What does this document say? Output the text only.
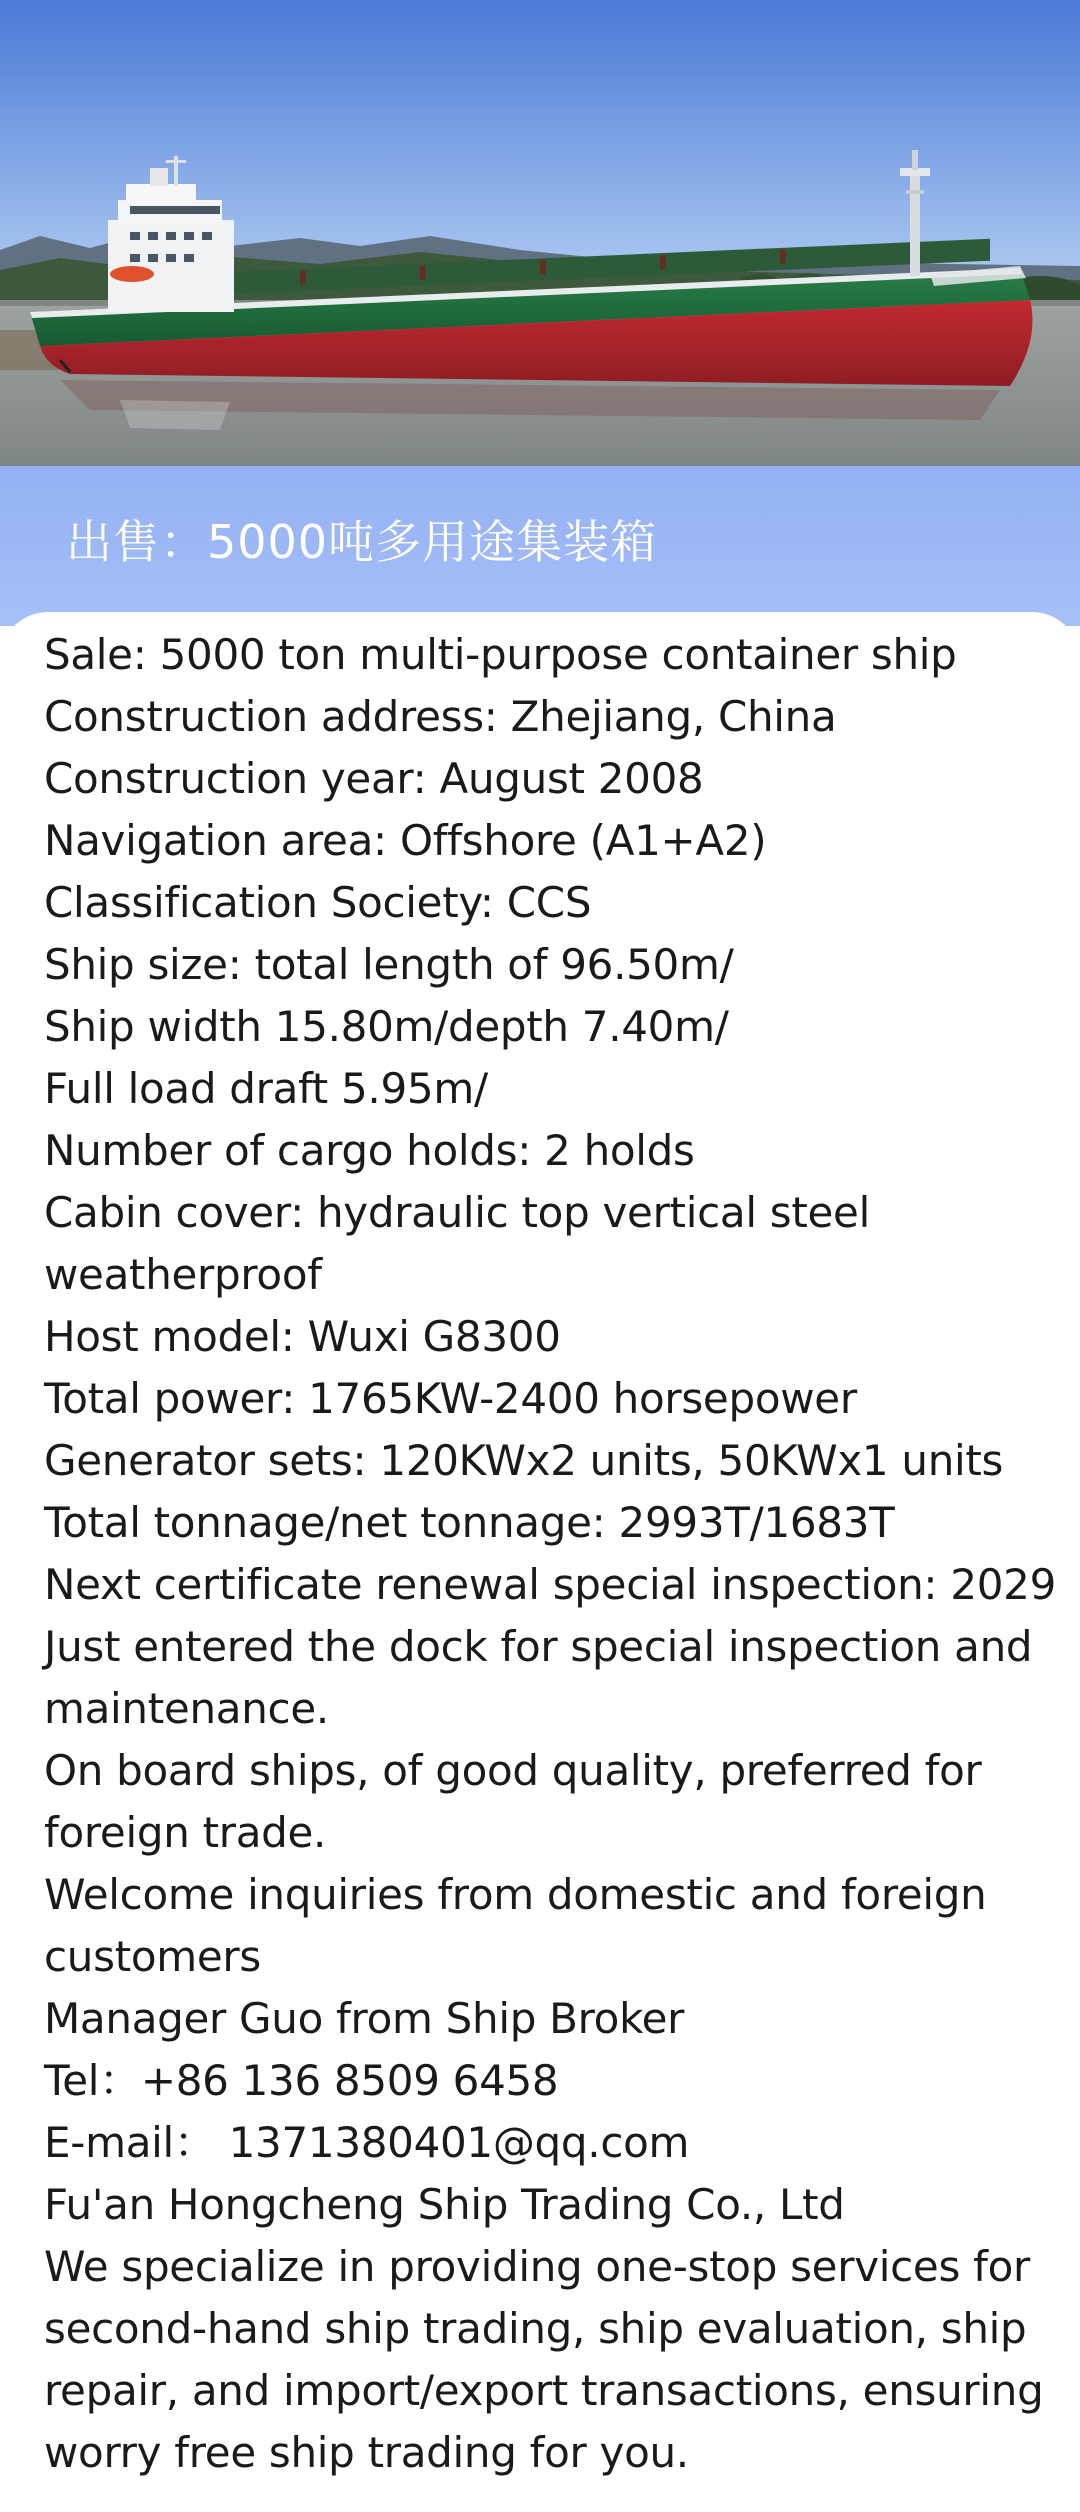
出售：5000吨多用途集装箱
Sale: 5000 ton multi-purpose container ship
Construction address: Zhejiang, China
Construction year: August 2008
Navigation area: Offshore (A1+A2)
Classification Society: CCS
Ship size: total length of 96.50m/
Ship width 15.80m/depth 7.40m/
Full load draft 5.95m/
Number of cargo holds: 2 holds
Cabin cover: hydraulic top vertical steel
weatherproof
Host model: Wuxi G8300
Total power: 1765KW-2400 horsepower
Generator sets: 120KWx2 units, 50KWx1 units
Total tonnage/net tonnage: 2993T/1683T
Next certificate renewal special inspection: 2029
Just entered the dock for special inspection and
maintenance.
On board ships, of good quality, preferred for
foreign trade.
Welcome inquiries from domestic and foreign
customers
Manager Guo from Ship Broker
Tel：+86 136 8509 6458
E-mail： 1371380401@qq.com
Fu'an Hongcheng Ship Trading Co., Ltd
We specialize in providing one-stop services for
second-hand ship trading, ship evaluation, ship
repair, and import/export transactions, ensuring
worry free ship trading for you.
